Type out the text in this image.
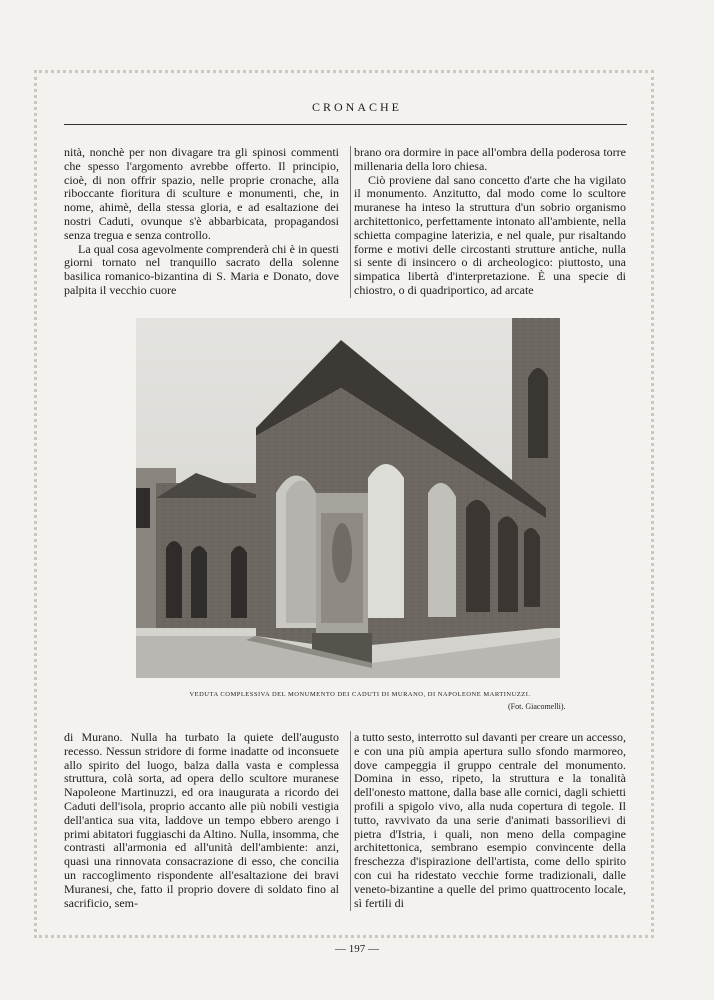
CRONACHE

nità, nonchè per non divagare tra gli spinosi commenti che spesso l'argomento avrebbe offerto. Il principio, cioè, di non offrir spazio, nelle proprie cronache, alla riboccante fioritura di sculture e monumenti, che, in nome, ahimè, della stessa gloria, e ad esaltazione dei nostri Caduti, ovunque s'è abbarbicata, propagandosi senza tregua e senza controllo.

La qual cosa agevolmente comprenderà chi è in questi giorni tornato nel tranquillo sacrato della solenne basilica romanico-bizantina di S. Maria e Donato, dove palpita il vecchio cuore

brano ora dormire in pace all'ombra della poderosa torre millenaria della loro chiesa.

Ciò proviene dal sano concetto d'arte che ha vigilato il monumento. Anzitutto, dal modo come lo scultore muranese ha inteso la struttura d'un sobrio organismo architettonico, perfettamente intonato all'ambiente, nella schietta compagine laterizia, e nel quale, pur risaltando forme e motivi delle circostanti strutture antiche, nulla si sente di insincero o di archeologico: piuttosto, una simpatica libertà d'interpretazione. È una specie di chiostro, o di quadriportico, ad arcate

VEDUTA COMPLESSIVA DEL MONUMENTO DEI CADUTI DI MURANO, DI NAPOLEONE MARTINUZZI.
(Fot. Giacomelli).

di Murano. Nulla ha turbato la quiete dell'augusto recesso. Nessun stridore di forme inadatte od inconsuete allo spirito del luogo, balza dalla vasta e complessa struttura, colà sorta, ad opera dello scultore muranese Napoleone Martinuzzi, ed ora inaugurata a ricordo dei Caduti dell'isola, proprio accanto alle più nobili vestigia dell'antica sua vita, laddove un tempo ebbero arengo i primi abitatori fuggiaschi da Altino. Nulla, insomma, che contrasti all'armonia ed all'unità dell'ambiente: anzi, quasi una rinnovata consacrazione di esso, che concilia un raccoglimento rispondente all'esaltazione dei bravi Muranesi, che, fatto il proprio dovere di soldato fino al sacrificio, sem-

a tutto sesto, interrotto sul davanti per creare un accesso, e con una più ampia apertura sullo sfondo marmoreo, dove campeggia il gruppo centrale del monumento. Domina in esso, ripeto, la struttura e la tonalità dell'onesto mattone, dalla base alle cornici, dagli schietti profili a spigolo vivo, alla nuda copertura di tegole. Il tutto, ravvivato da una serie d'animati bassorilievi di pietra d'Istria, i quali, non meno della compagine architettonica, sembrano esempio convincente della freschezza d'ispirazione dell'artista, come dello spirito con cui ha ridestato vecchie forme tradizionali, dalle veneto-bizantine a quelle del primo quattrocento locale, sì fertili di

— 197 —
